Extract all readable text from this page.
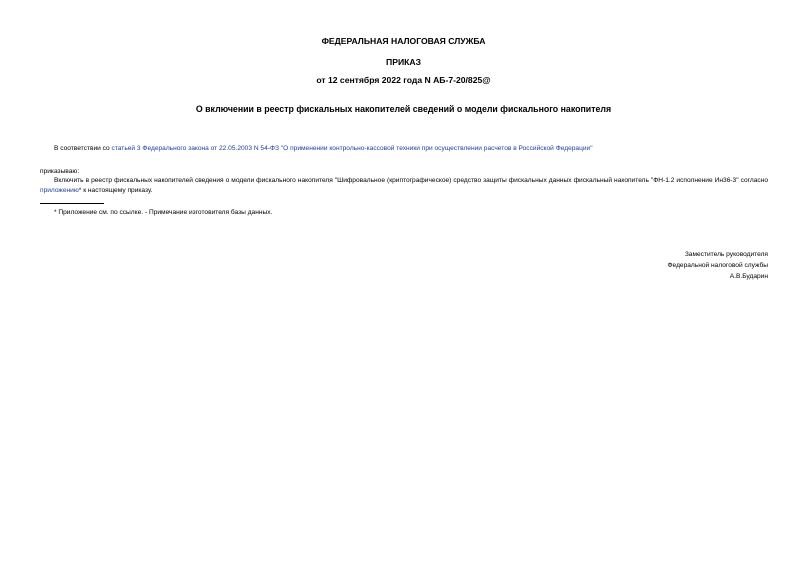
ФЕДЕРАЛЬНАЯ НАЛОГОВАЯ СЛУЖБА
ПРИКАЗ
от 12 сентября 2022 года N АБ-7-20/825@
О включении в реестр фискальных накопителей сведений о модели фискального накопителя
В соответствии со статьей 3 Федерального закона от 22.05.2003 N 54-ФЗ "О применении контрольно-кассовой техники при осуществлении расчетов в Российской Федерации"
приказываю:
Включить в реестр фискальных накопителей сведения о модели фискального накопителя "Шифровальное (криптографическое) средство защиты фискальных данных фискальный накопитель "ФН-1.2 исполнение Ин36-3" согласно приложению* к настоящему приказу.
* Приложение см. по ссылке. - Примечание изготовителя базы данных.
Заместитель руководителя
Федеральной налоговой службы
А.В.Бударин
